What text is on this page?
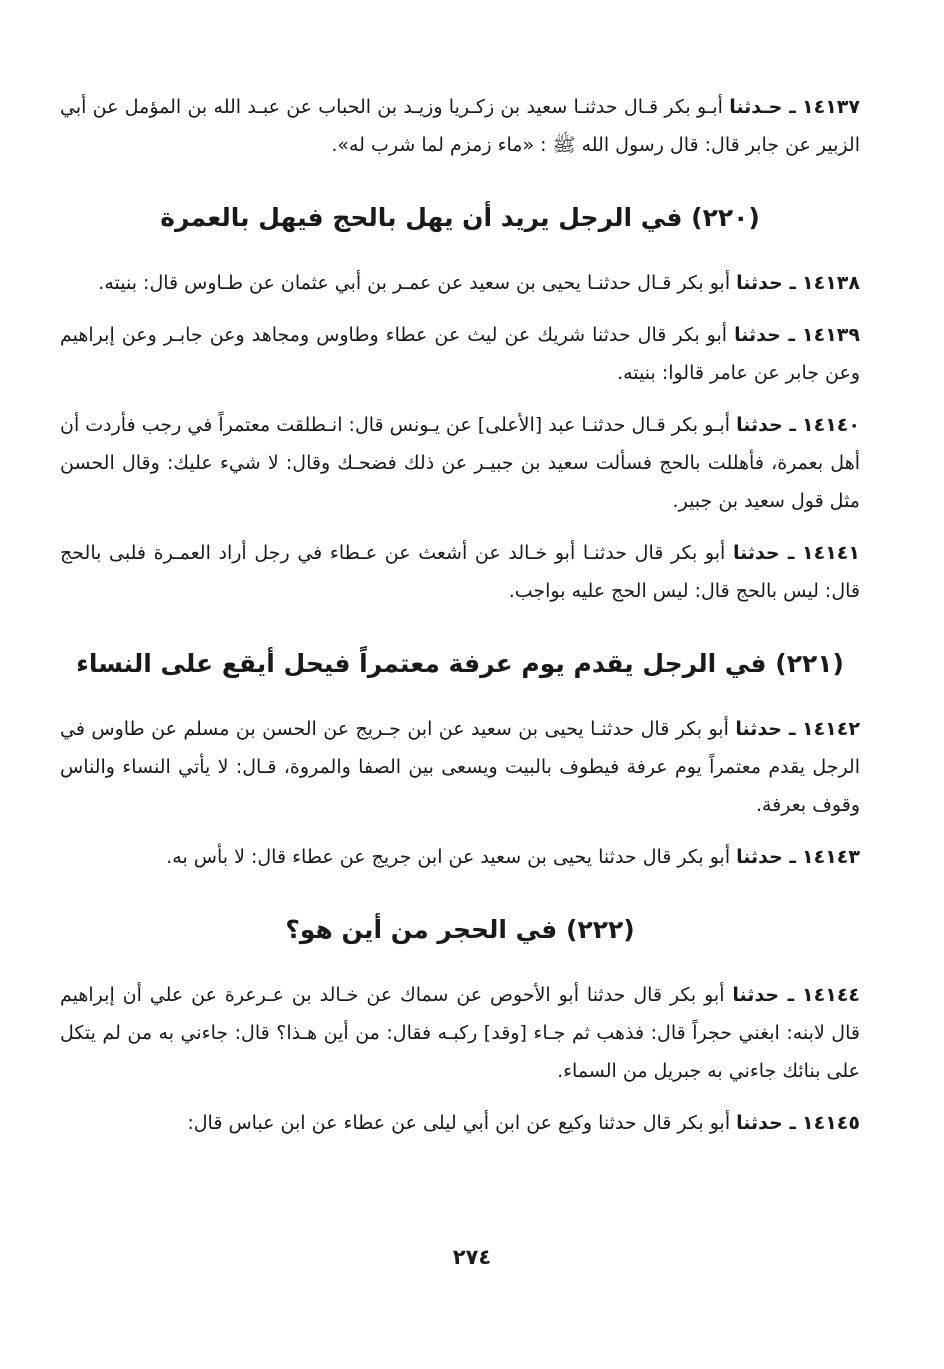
١٤١٣٧ ـ حـدثنا أبـو بكر قـال حدثنـا سعيد بن زكـريا وزيـد بن الحباب عن عبـد الله بن المؤمل عن أبي الزبير عن جابر قال: قال رسول الله ﷺ : «ماء زمزم لما شرب له».

(٢٢٠) في الرجل يريد أن يهل بالحج فيهل بالعمرة

١٤١٣٨ ـ حدثنا أبو بكر قـال حدثنـا يحيى بن سعيد عن عمـر بن أبي عثمان عن طـاوس قال: بنيته.

١٤١٣٩ ـ حدثنا أبو بكر قال حدثنا شريك عن ليث عن عطاء وطاوس ومجاهد وعن جابـر وعن إبراهيم وعن جابر عن عامر قالوا: بنيته.

١٤١٤٠ ـ حدثنا أبـو بكر قـال حدثنـا عبد [الأعلى] عن يـونس قال: انـطلقت معتمراً في رجب فأردت أن أهل بعمرة، فأهللت بالحج فسألت سعيد بن جبيـر عن ذلك فضحـك وقال: لا شيء عليك: وقال الحسن مثل قول سعيد بن جبير.

١٤١٤١ ـ حدثنا أبو بكر قال حدثنـا أبو خـالد عن أشعث عن عـطاء في رجل أراد العمـرة فلبى بالحج قال: ليس بالحج قال: ليس الحج عليه بواجب.

(٢٢١) في الرجل يقدم يوم عرفة معتمراً فيحل أيقع على النساء

١٤١٤٢ ـ حدثنا أبو بكر قال حدثنـا يحيى بن سعيد عن ابن جـريج عن الحسن بن مسلم عن طاوس في الرجل يقدم معتمراً يوم عرفة فيطوف بالبيت ويسعى بين الصفا والمروة، قـال: لا يأتي النساء والناس وقوف بعرفة.

١٤١٤٣ ـ حدثنا أبو بكر قال حدثنا يحيى بن سعيد عن ابن جريج عن عطاء قال: لا بأس به.

(٢٢٢) في الحجر من أين هو؟

١٤١٤٤ ـ حدثنا أبو بكر قال حدثنا أبو الأحوص عن سماك عن خـالد بن عـرعرة عن علي أن إبراهيم قال لابنه: ابغني حجراً قال: فذهب ثم جـاء [وقد] ركبـه فقال: من أين هـذا؟ قال: جاءني به من لم يتكل على بنائك جاءني به جبريل من السماء.

١٤١٤٥ ـ حدثنا أبو بكر قال حدثنا وكيع عن ابن أبي ليلى عن عطاء عن ابن عباس قال:

٢٧٤
